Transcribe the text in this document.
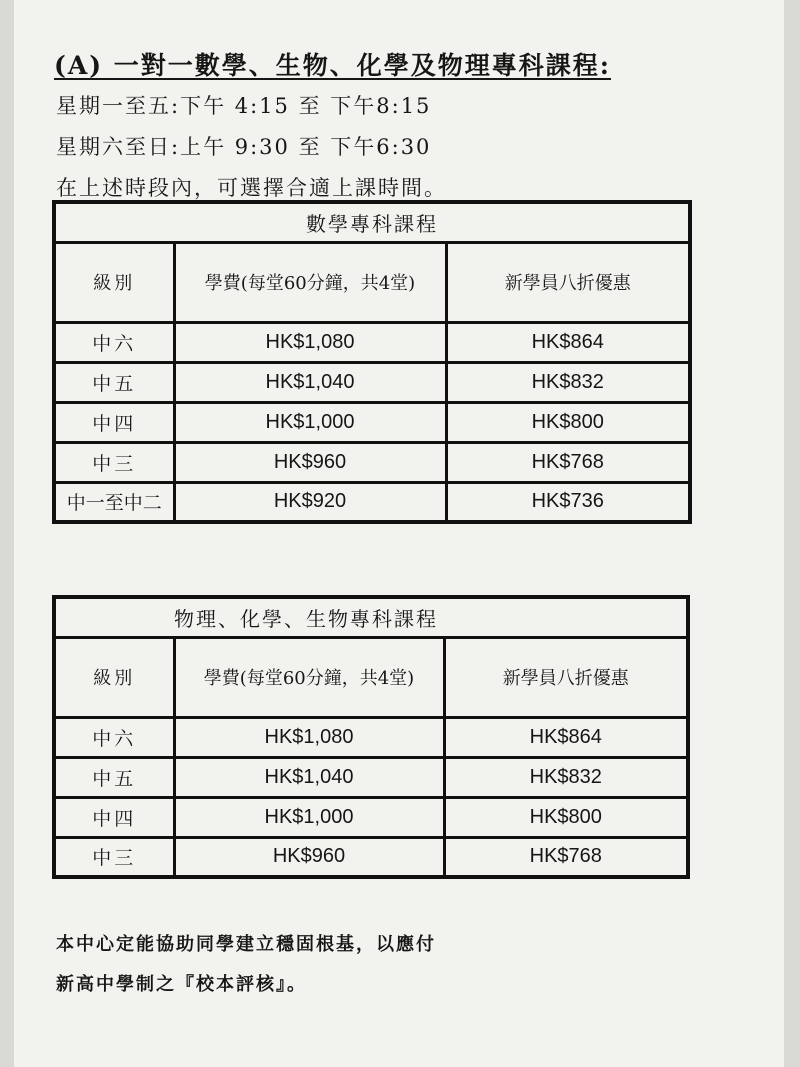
(A) 一對一數學、生物、化學及物理專科課程:
星期一至五:下午 4:15 至 下午8:15
星期六至日:上午 9:30 至 下午6:30
在上述時段內，可選擇合適上課時間。
數學專科課程		
級別	學費(每堂60分鐘，共4堂)	新學員八折優惠
中六	HK$1,080	HK$864
中五	HK$1,040	HK$832
中四	HK$1,000	HK$800
中三	HK$960	HK$768
中一至中二	HK$920	HK$736
物理、化學、生物專科課程		
級別	學費(每堂60分鐘，共4堂)	新學員八折優惠
中六	HK$1,080	HK$864
中五	HK$1,040	HK$832
中四	HK$1,000	HK$800
中三	HK$960	HK$768
本中心定能協助同學建立穩固根基，以應付
新高中學制之『校本評核』。
